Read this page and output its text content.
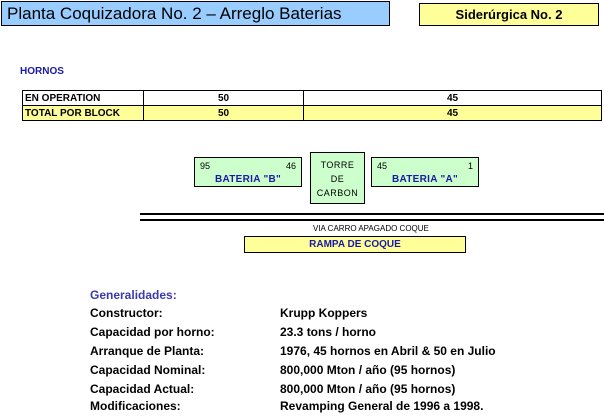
Planta Coquizadora No. 2 – Arreglo Baterias	Siderúrgica No. 2
HORNOS
EN OPERATION	50	45
TOTAL POR BLOCK	50	45
95	46
BATERIA "B"
TORRE
DE
CARBON
45	1
BATERIA "A"
VIA CARRO APAGADO COQUE
RAMPA DE COQUE
Generalidades:
Constructor:	Krupp Koppers
Capacidad por horno:	23.3 tons / horno
Arranque de Planta:	1976, 45 hornos en Abril & 50 en Julio
Capacidad Nominal:	800,000 Mton / año (95 hornos)
Capacidad Actual:	800,000 Mton / año (95 hornos)
Modificaciones:	Revamping General de 1996 a 1998.
